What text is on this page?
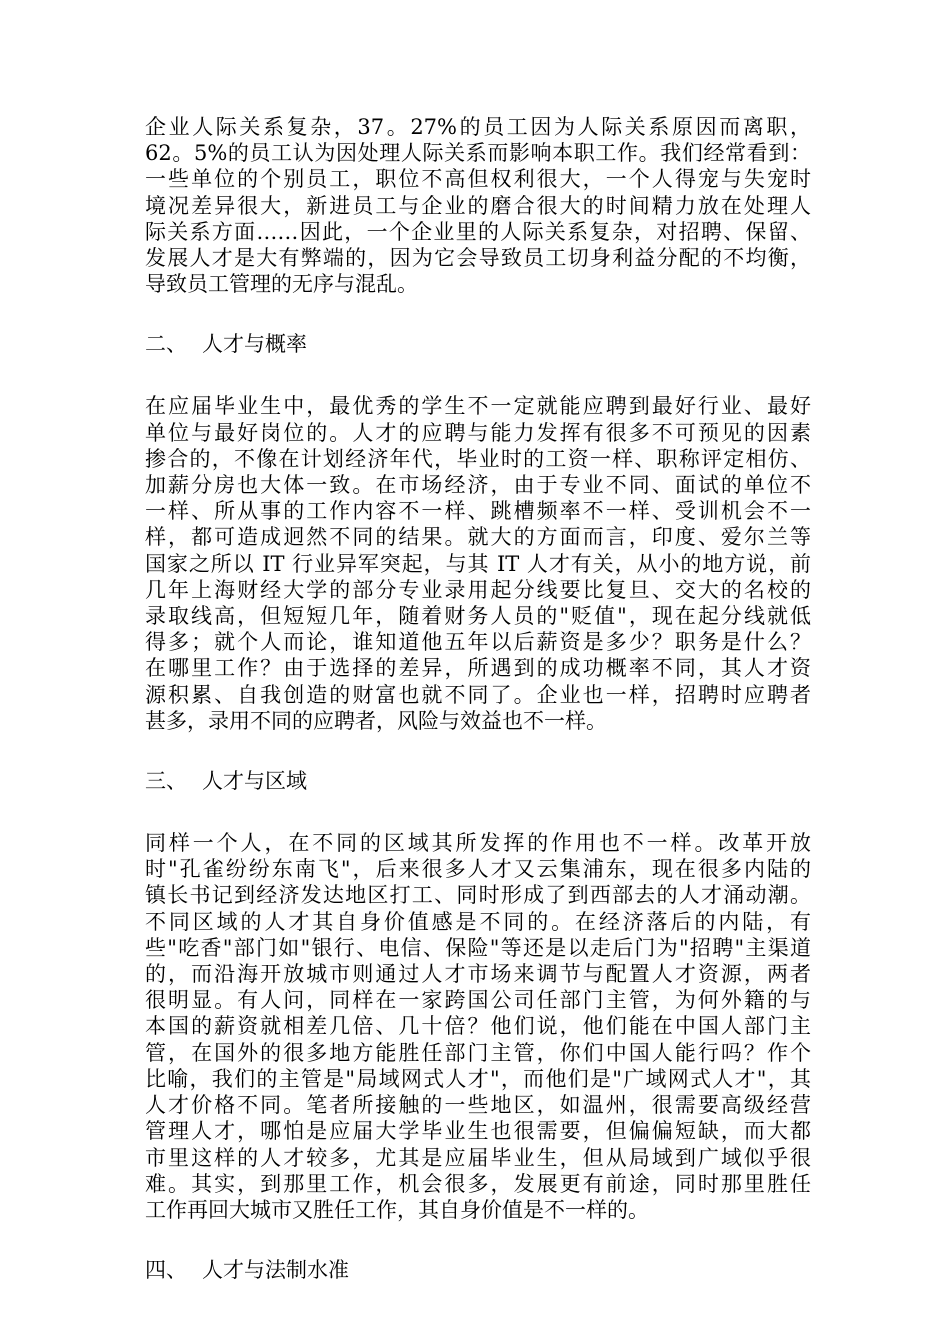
企业人际关系复杂，37。27%的员工因为人际关系原因而离职，
62。5%的员工认为因处理人际关系而影响本职工作。我们经常看到：
一些单位的个别员工，职位不高但权利很大，一个人得宠与失宠时
境况差异很大，新进员工与企业的磨合很大的时间精力放在处理人
际关系方面……因此，一个企业里的人际关系复杂，对招聘、保留、
发展人才是大有弊端的，因为它会导致员工切身利益分配的不均衡，
导致员工管理的无序与混乱。
二、 人才与概率
在应届毕业生中，最优秀的学生不一定就能应聘到最好行业、最好
单位与最好岗位的。人才的应聘与能力发挥有很多不可预见的因素
掺合的，不像在计划经济年代，毕业时的工资一样、职称评定相仿、
加薪分房也大体一致。在市场经济，由于专业不同、面试的单位不
一样、所从事的工作内容不一样、跳槽频率不一样、受训机会不一
样，都可造成迥然不同的结果。就大的方面而言，印度、爱尔兰等
国家之所以 IT 行业异军突起，与其 IT 人才有关，从小的地方说，前
几年上海财经大学的部分专业录用起分线要比复旦、交大的名校的
录取线高，但短短几年，随着财务人员的"贬值"，现在起分线就低
得多；就个人而论，谁知道他五年以后薪资是多少？职务是什么？
在哪里工作？由于选择的差异，所遇到的成功概率不同，其人才资
源积累、自我创造的财富也就不同了。企业也一样，招聘时应聘者
甚多，录用不同的应聘者，风险与效益也不一样。
三、 人才与区域
同样一个人，在不同的区域其所发挥的作用也不一样。改革开放
时"孔雀纷纷东南飞"，后来很多人才又云集浦东，现在很多内陆的
镇长书记到经济发达地区打工、同时形成了到西部去的人才涌动潮。
不同区域的人才其自身价值感是不同的。在经济落后的内陆，有
些"吃香"部门如"银行、电信、保险"等还是以走后门为"招聘"主渠道
的，而沿海开放城市则通过人才市场来调节与配置人才资源，两者
很明显。有人问，同样在一家跨国公司任部门主管，为何外籍的与
本国的薪资就相差几倍、几十倍？他们说，他们能在中国人部门主
管，在国外的很多地方能胜任部门主管，你们中国人能行吗？作个
比喻，我们的主管是"局域网式人才"，而他们是"广域网式人才"，其
人才价格不同。笔者所接触的一些地区，如温州，很需要高级经营
管理人才，哪怕是应届大学毕业生也很需要，但偏偏短缺，而大都
市里这样的人才较多，尤其是应届毕业生，但从局域到广域似乎很
难。其实，到那里工作，机会很多，发展更有前途，同时那里胜任
工作再回大城市又胜任工作，其自身价值是不一样的。
四、 人才与法制水准
